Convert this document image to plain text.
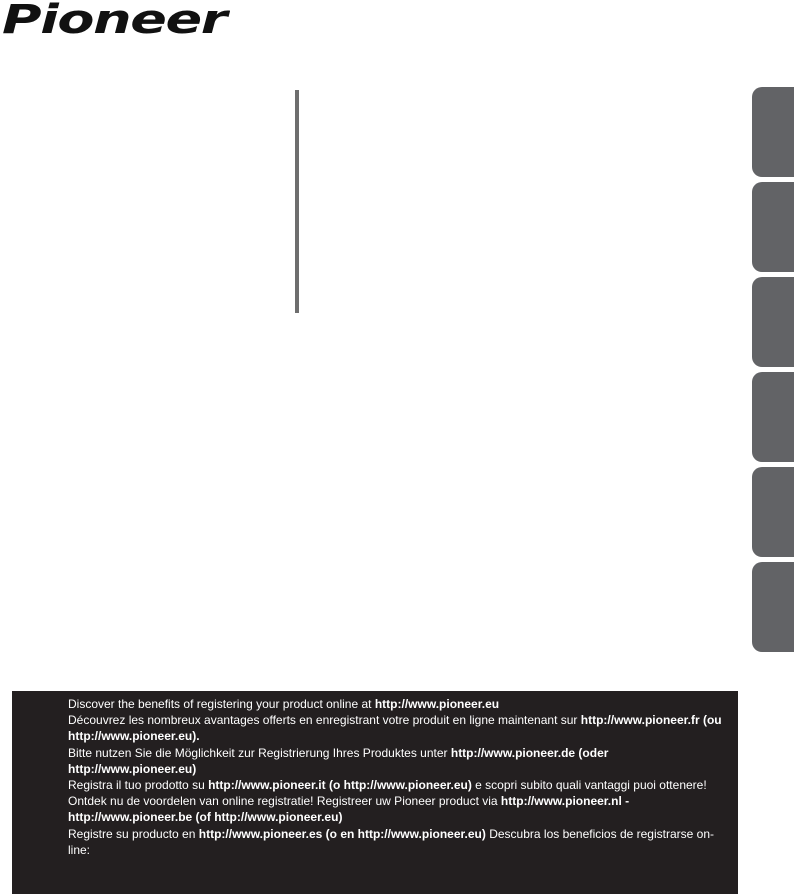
Pioneer

Discover the benefits of registering your product online at http://www.pioneer.eu

Découvrez les nombreux avantages offerts en enregistrant votre produit en ligne maintenant sur http://www.pioneer.fr (ou http://www.pioneer.eu).

Bitte nutzen Sie die Möglichkeit zur Registrierung Ihres Produktes unter http://www.pioneer.de (oder http://www.pioneer.eu)

Registra il tuo prodotto su http://www.pioneer.it (o http://www.pioneer.eu) e scopri subito quali vantaggi puoi ottenere!

Ontdek nu de voordelen van online registratie! Registreer uw Pioneer product via http://www.pioneer.nl - http://www.pioneer.be (of http://www.pioneer.eu)

Registre su producto en http://www.pioneer.es (o en http://www.pioneer.eu) Descubra los beneficios de registrarse on-line:
